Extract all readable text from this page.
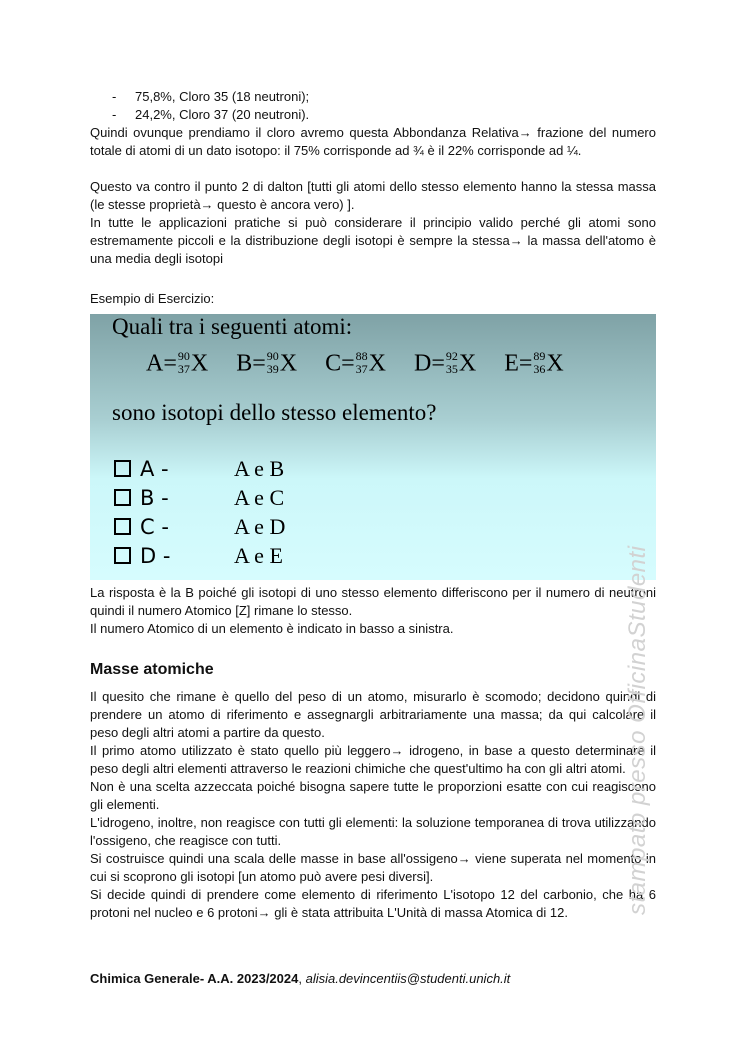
- 75,8%, Cloro 35 (18 neutroni);

- 24,2%, Cloro 37 (20 neutroni).

Quindi ovunque prendiamo il cloro avremo questa Abbondanza Relativa→ frazione del numero totale di atomi di un dato isotopo: il 75% corrisponde ad ¾ è il 22% corrisponde ad ¼.

Questo va contro il punto 2 di dalton [tutti gli atomi dello stesso elemento hanno la stessa massa (le stesse proprietà→ questo è ancora vero) ].

In tutte le applicazioni pratiche si può considerare il principio valido perché gli atomi sono estremamente piccoli e la distribuzione degli isotopi è sempre la stessa→ la massa dell'atomo è una media degli isotopi

Esempio di Esercizio:

Quali tra i seguenti atomi:
A= 90
37 X B= 90
39 X C= 88
37 X D= 92
35 X E= 89
36 X
sono isotopi dello stesso elemento?
A -	A e B
B -	A e C
C -	A e D
D -	A e E

La risposta è la B poiché gli isotopi di uno stesso elemento differiscono per il numero di neutroni quindi il numero Atomico [Z] rimane lo stesso.

Il numero Atomico di un elemento è indicato in basso a sinistra.

Masse atomiche

Il quesito che rimane è quello del peso di un atomo, misurarlo è scomodo; decidono quindi di prendere un atomo di riferimento e assegnargli arbitrariamente una massa; da qui calcolare il peso degli altri atomi a partire da questo.

Il primo atomo utilizzato è stato quello più leggero→ idrogeno, in base a questo determinare il peso degli altri elementi attraverso le reazioni chimiche che quest'ultimo ha con gli altri atomi.

Non è una scelta azzeccata poiché bisogna sapere tutte le proporzioni esatte con cui reagiscono gli elementi.

L'idrogeno, inoltre, non reagisce con tutti gli elementi: la soluzione temporanea di trova utilizzando l'ossigeno, che reagisce con tutti.

Si costruisce quindi una scala delle masse in base all'ossigeno→ viene superata nel momento in cui si scoprono gli isotopi [un atomo può avere pesi diversi].

Si decide quindi di prendere come elemento di riferimento L'isotopo 12 del carbonio, che ha 6 protoni nel nucleo e 6 protoni→ gli è stata attribuita L'Unità di massa Atomica di 12.

Chimica Generale- A.A. 2023/2024, alisia.devincentiis@studenti.unich.it
stampato presso OfficinaStudenti
